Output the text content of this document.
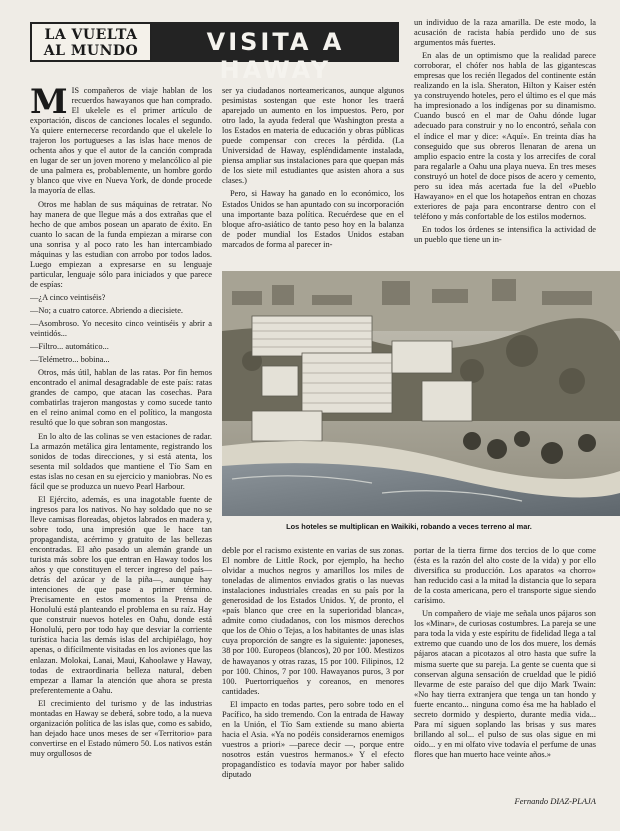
LA VUELTA
AL MUNDO	VISITA A HAWAY

MIS compañeros de viaje hablan de los recuerdos hawayanos que han comprado. El ukelele es el primer artículo de exportación, discos de canciones locales el segundo. Ya quiere enternecerse recordando que el ukelele lo trajeron los portugueses a las islas hace menos de ochenta años y que el autor de la canción comprada en lugar de ser un joven moreno y melancólico al pie de una palmera es, probablemente, un hombre gordo y blanco que vive en Nueva York, de donde procede la mayoría de ellas.

Otros me hablan de sus máquinas de retratar. No hay manera de que llegue más a dos extrañas que el hecho de que ambos posean un aparato de éxito. En cuanto lo sacan de la funda empiezan a mirarse con una sonrisa y al poco rato les han intercambiado máquinas y las estudian con arrobo por todos lados. Luego empiezan a expresarse en su lenguaje particular, lenguaje sólo para iniciados y que parece de espías:

—¿A cinco veintiséis?

—No; a cuatro catorce. Abriendo a diecisiete.

—Asombroso. Yo necesito cinco veintiséis y abrir a veintidós...

—Filtro... automático...

—Telémetro... bobina...

Otros, más útil, hablan de las ratas. Por fin hemos encontrado el animal desagradable de este país: ratas grandes de campo, que atacan las cosechas. Para combatirlas trajeron mangostas y como sucede tanto en el reino animal como en el político, la mangosta resultó que lo que sobran son mangostas.

En lo alto de las colinas se ven estaciones de radar. La armazón metálica gira lentamente, registrando los sonidos de todas direcciones, y si está atenta, los sesenta mil soldados que mantiene el Tío Sam en estas islas no cesan en su ejercicio y maniobras. No es fácil que se produzca un nuevo Pearl Harbour.

El Ejército, además, es una inagotable fuente de ingresos para los nativos. No hay soldado que no se lleve camisas floreadas, objetos labrados en madera y, sobre todo, una impresión que le hace tan propagandista, acérrimo y gratuito de las bellezas encontradas. El año pasado un alemán grande un turista más sobre los que entran en Haway todos los años y que constituyen el tercer ingreso del país—detrás del azúcar y de la piña—, aunque hay intenciones de que pase a primer término. Precisamente en estos momentos la Prensa de Honolulú está planteando el problema en su raíz. Hay que construir nuevos hoteles en Oahu, donde está Honolulú, pero por todo hay que desviar la corriente turística hacia las demás islas del archipiélago, hoy apenas, o difícilmente visitadas en los aviones que las enlazan. Molokai, Lanai, Maui, Kahoolawe y Haway, todas de extraordinaria belleza natural, deben empezar a llamar la atención que ahora se presta preferentemente a Oahu.

El crecimiento del turismo y de las industrias montadas en Haway se deberá, sobre todo, a la nueva organización política de las islas que, como es sabido, han dejado hace unos meses de ser «Territorio» para convertirse en el Estado número 50. Los nativos están muy orgullosos de

ser ya ciudadanos norteamericanos, aunque algunos pesimistas sostengan que este honor les traerá aparejado un aumento en los impuestos. Pero, por otro lado, la ayuda federal que Washington presta a los Estados en materia de educación y obras públicas puede compensar con creces la pérdida. (La Universidad de Haway, espléndidamente instalada, piensa ampliar sus instalaciones para que quepan más de los siete mil estudiantes que asisten ahora a sus clases.)

Pero, si Haway ha ganado en lo económico, los Estados Unidos se han apuntado con su incorporación una importante baza política. Recuérdese que en el bloque afro-asiático de tanto peso hoy en la balanza de poder mundial los Estados Unidos estaban marcados de forma al parecer in-

un individuo de la raza amarilla. De este modo, la acusación de racista había perdido uno de sus argumentos más fuertes.

En alas de un optimismo que la realidad parece corroborar, el chófer nos habla de las gigantescas empresas que los recién llegados del continente están realizando en la isla. Sheraton, Hilton y Kaiser estén ya construyendo hoteles, pero el último es el que más ha impresionado a los indígenas por su dinamismo. Cuando buscó en el mar de Oahu dónde lugar adecuado para construir y no lo encontró, señala con el índice el mar y dice: «Aquí». En treinta días ha conseguido que sus obreros llenaran de arena un amplio espacio entre la costa y los arrecifes de coral para regalarle a Oahu una playa nueva. En tres meses construyó un hotel de doce pisos de acero y cemento, pero su idea más acertada fue la del «Pueblo Hawayano» en el que los hotapeños entran en chozas exteriores de paja para encontrarse dentro con el teléfono y más confortable de los estilos modernos.

En todos los órdenes se intensifica la actividad de un pueblo que tiene un in-

Los hoteles se multiplican en Waikiki, robando a veces terreno al mar.

deble por el racismo existente en varias de sus zonas. El nombre de Little Rock, por ejemplo, ha hecho olvidar a muchos negros y amarillos los miles de toneladas de alimentos enviados gratis o las nuevas instalaciones industriales creadas en su país por la generosidad de los Estados Unidos. Y, de pronto, el «país blanco que cree en la superioridad blanca», admite como ciudadanos, con los mismos derechos que los de Ohio o Tejas, a los habitantes de unas islas cuya proporción de sangre es la siguiente: japoneses, 38 por 100. Europeos (blancos), 20 por 100. Mestizos de hawayanos y otras razas, 15 por 100. Filipinos, 12 por 100. Chinos, 7 por 100. Hawayanos puros, 3 por 100. Puertorriqueños y coreanos, en menores cantidades.

El impacto en todas partes, pero sobre todo en el Pacífico, ha sido tremendo. Con la entrada de Haway en la Unión, el Tío Sam extiende su mano abierta hacia el Asia. «Ya no podéis considerarnos enemigos vuestros a priori» —parece decir —, porque entre nosotros están vuestros hermanos.» Y el efecto propagandístico es todavía mayor por haber salido diputado

portar de la tierra firme dos tercios de lo que come (ésta es la razón del alto coste de la vida) y por ello diversifica su producción. Los aparatos «a chorro» han reducido casi a la mitad la distancia que lo separa de la costa americana, pero el transporte sigue siendo carísimo.

Un compañero de viaje me señala unos pájaros son los «Minar», de curiosas costumbres. La pareja se une para toda la vida y este espíritu de fidelidad llega a tal extremo que cuando uno de los dos muere, los demás pájaros atacan a picotazos al otro hasta que sufre la misma suerte que su pareja. La gente se cuenta que si conservan alguna sensación de crueldad que le pidió llevarme de este paraíso del que dijo Mark Twain: «No hay tierra extranjera que tenga un tan hondo y fuerte encanto... ninguna como ésa me ha hablado el secreto dormido y despierto, durante media vida... Para mí siguen soplando las brisas y sus mares brillando al sol... el pulso de sus olas sigue en mi oído... y en mi olfato vive todavía el perfume de unas flores que han muerto hace veinte años.»

Fernando DIAZ-PLAJA
